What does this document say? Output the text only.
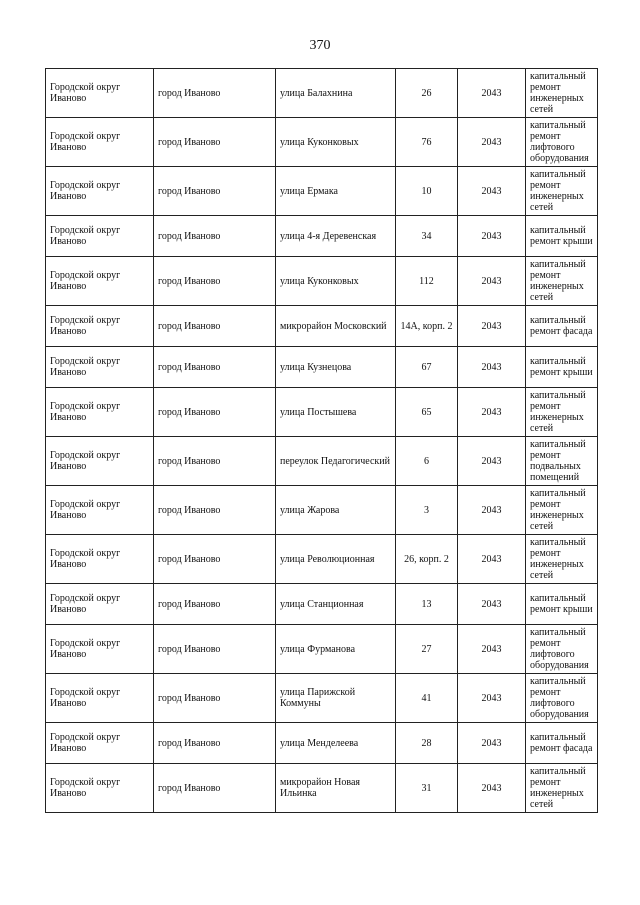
370
Городской округ Иваново	город Иваново	улица Балахнина	26	2043	капитальный ремонт инженерных сетей
Городской округ Иваново	город Иваново	улица Куконковых	76	2043	капитальный ремонт лифтового оборудования
Городской округ Иваново	город Иваново	улица Ермака	10	2043	капитальный ремонт инженерных сетей
Городской округ Иваново	город Иваново	улица 4-я Деревенская	34	2043	капитальный ремонт крыши
Городской округ Иваново	город Иваново	улица Куконковых	112	2043	капитальный ремонт инженерных сетей
Городской округ Иваново	город Иваново	микрорайон Московский	14А, корп. 2	2043	капитальный ремонт фасада
Городской округ Иваново	город Иваново	улица Кузнецова	67	2043	капитальный ремонт крыши
Городской округ Иваново	город Иваново	улица Постышева	65	2043	капитальный ремонт инженерных сетей
Городской округ Иваново	город Иваново	переулок Педагогический	6	2043	капитальный ремонт подвальных помещений
Городской округ Иваново	город Иваново	улица Жарова	3	2043	капитальный ремонт инженерных сетей
Городской округ Иваново	город Иваново	улица Революционная	26, корп. 2	2043	капитальный ремонт инженерных сетей
Городской округ Иваново	город Иваново	улица Станционная	13	2043	капитальный ремонт крыши
Городской округ Иваново	город Иваново	улица Фурманова	27	2043	капитальный ремонт лифтового оборудования
Городской округ Иваново	город Иваново	улица Парижской Коммуны	41	2043	капитальный ремонт лифтового оборудования
Городской округ Иваново	город Иваново	улица Менделеева	28	2043	капитальный ремонт фасада
Городской округ Иваново	город Иваново	микрорайон Новая Ильинка	31	2043	капитальный ремонт инженерных сетей
